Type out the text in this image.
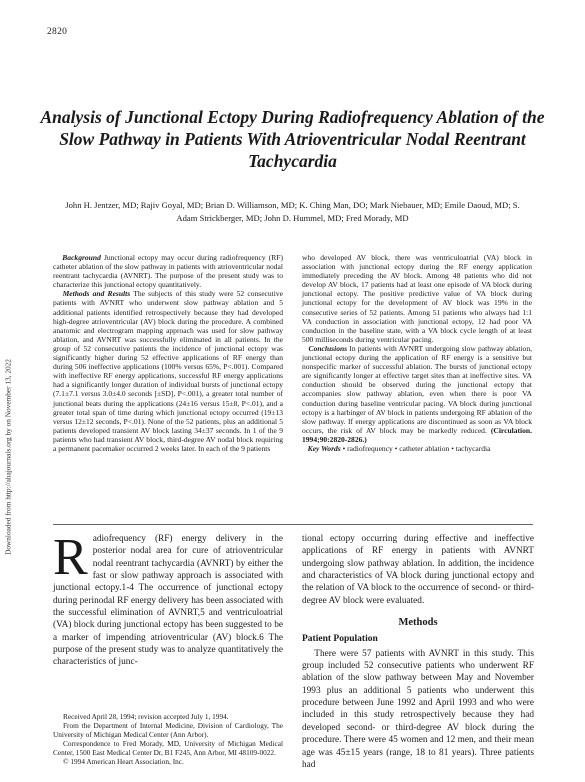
2820
Analysis of Junctional Ectopy During Radiofrequency Ablation of the Slow Pathway in Patients With Atrioventricular Nodal Reentrant Tachycardia

John H. Jentzer, MD; Rajiv Goyal, MD; Brian D. Williamson, MD; K. Ching Man, DO; Mark Niebauer, MD; Emile Daoud, MD; S. Adam Strickberger, MD; John D. Hummel, MD; Fred Morady, MD

Downloaded from http://ahajournals.org by on November 13, 2022

Background Junctional ectopy may occur during radiofrequency (RF) catheter ablation of the slow pathway in patients with atrioventricular nodal reentrant tachycardia (AVNRT). The purpose of the present study was to characterize this junctional ectopy quantitatively.

Methods and Results The subjects of this study were 52 consecutive patients with AVNRT who underwent slow pathway ablation and 5 additional patients identified retrospectively because they had developed high-degree atrioventricular (AV) block during the procedure. A combined anatomic and electrogram mapping approach was used for slow pathway ablation, and AVNRT was successfully eliminated in all patients. In the group of 52 consecutive patients the incidence of junctional ectopy was significantly higher during 52 effective applications of RF energy than during 506 ineffective applications (100% versus 65%, P<.001). Compared with ineffective RF energy applications, successful RF energy applications had a significantly longer duration of individual bursts of junctional ectopy (7.1±7.1 versus 3.0±4.0 seconds [±SD], P<.001), a greater total number of junctional beats during the applications (24±16 versus 15±8, P<.01), and a greater total span of time during which junctional ectopy occurred (19±13 versus 12±12 seconds, P<.01). None of the 52 patients, plus an additional 5 patients developed transient AV block lasting 34±37 seconds. In 1 of the 9 patients who had transient AV block, third-degree AV nodal block requiring a permanent pacemaker occurred 2 weeks later. In each of the 9 patients

who developed AV block, there was ventriculoatrial (VA) block in association with junctional ectopy during the RF energy application immediately preceding the AV block. Among 48 patients who did not develop AV block, 17 patients had at least one episode of VA block during junctional ectopy. The positive predictive value of VA block during junctional ectopy for the development of AV block was 19% in the consecutive series of 52 patients. Among 51 patients who always had 1:1 VA conduction in association with junctional ectopy, 12 had poor VA conduction in the baseline state, with a VA block cycle length of at least 500 milliseconds during ventricular pacing.

Conclusions In patients with AVNRT undergoing slow pathway ablation, junctional ectopy during the application of RF energy is a sensitive but nonspecific marker of successful ablation. The bursts of junctional ectopy are significantly longer at effective target sites than at ineffective sites. VA conduction should be observed during the junctional ectopy that accompanies slow pathway ablation, even when there is poor VA conduction during baseline ventricular pacing. VA block during junctional ectopy is a harbinger of AV block in patients undergoing RF ablation of the slow pathway. If energy applications are discontinued as soon as VA block occurs, the risk of AV block may be markedly reduced. (Circulation. 1994;90:2820-2826.)

Key Words • radiofrequency • catheter ablation • tachycardia

Radiofrequency (RF) energy delivery in the posterior nodal area for cure of atrioventricular nodal reentrant tachycardia (AVNRT) by either the fast or slow pathway approach is associated with junctional ectopy.1-4 The occurrence of junctional ectopy during perinodal RF energy delivery has been associated with the successful elimination of AVNRT,5 and ventriculoatrial (VA) block during junctional ectopy has been suggested to be a marker of impending atrioventricular (AV) block.6 The purpose of the present study was to analyze quantitatively the characteristics of junc-

tional ectopy occurring during effective and ineffective applications of RF energy in patients with AVNRT undergoing slow pathway ablation. In addition, the incidence and characteristics of VA block during junctional ectopy and the relation of VA block to the occurrence of second- or third-degree AV block were evaluated.

Methods
Patient Population

There were 57 patients with AVNRT in this study. This group included 52 consecutive patients who underwent RF ablation of the slow pathway between May and November 1993 plus an additional 5 patients who underwent this procedure between June 1992 and April 1993 and who were included in this study retrospectively because they had developed second- or third-degree AV block during the procedure. There were 45 women and 12 men, and their mean age was 45±15 years (range, 18 to 81 years). Three patients had

Received April 28, 1994; revision accepted July 1, 1994.

From the Department of Internal Medicine, Division of Cardiology, The University of Michigan Medical Center (Ann Arbor).

Correspondence to Fred Morady, MD, University of Michigan Medical Center, 1500 East Medical Center Dr, B1 F245, Ann Arbor, MI 48109-0022.

© 1994 American Heart Association, Inc.
